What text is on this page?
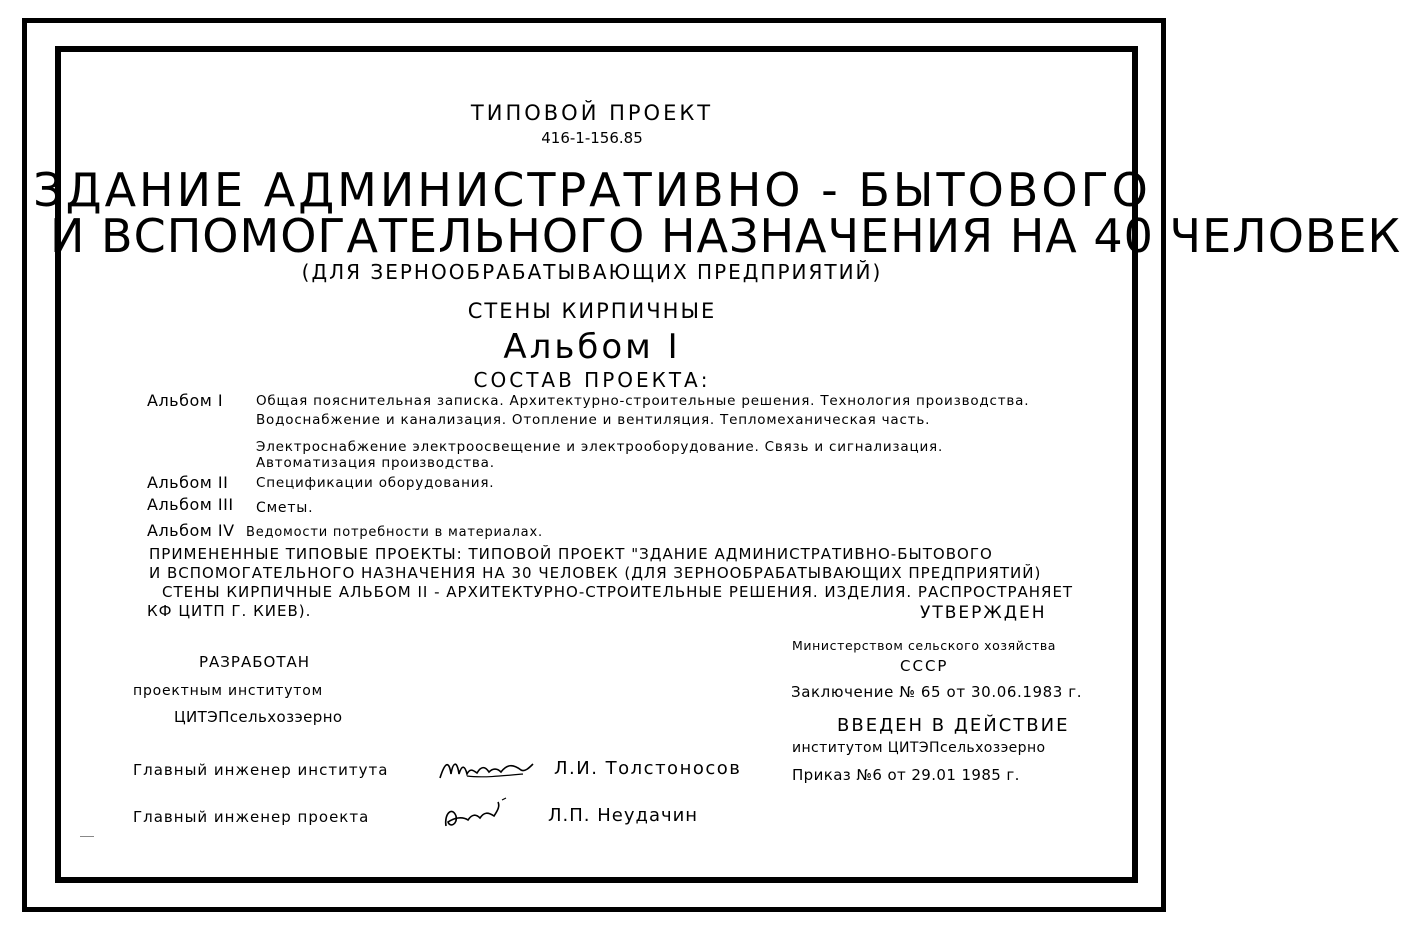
ТИПОВОЙ ПРОЕКТ
416-1-156.85
ЗДАНИЕ АДМИНИСТРАТИВНО - БЫТОВОГО
И ВСПОМОГАТЕЛЬНОГО НАЗНАЧЕНИЯ НА 40 ЧЕЛОВЕК
(ДЛЯ ЗЕРНООБРАБАТЫВАЮЩИХ ПРЕДПРИЯТИЙ)
СТЕНЫ КИРПИЧНЫЕ
Альбом I
СОСТАВ ПРОЕКТА:
Альбом I Общая пояснительная записка. Архитектурно-строительные решения. Технология производства.
Водоснабжение и канализация. Отопление и вентиляция. Тепломеханическая часть.
Электроснабжение электроосвещение и электрооборудование. Связь и сигнализация.
Автоматизация производства.
Альбом II Спецификации оборудования.
Альбом III Сметы.
Альбом IV Ведомости потребности в материалах.
ПРИМЕНЕННЫЕ ТИПОВЫЕ ПРОЕКТЫ: ТИПОВОЙ ПРОЕКТ "ЗДАНИЕ АДМИНИСТРАТИВНО-БЫТОВОГО
И ВСПОМОГАТЕЛЬНОГО НАЗНАЧЕНИЯ НА 30 ЧЕЛОВЕК (ДЛЯ ЗЕРНООБРАБАТЫВАЮЩИХ ПРЕДПРИЯТИЙ)
СТЕНЫ КИРПИЧНЫЕ АЛЬБОМ II - АРХИТЕКТУРНО-СТРОИТЕЛЬНЫЕ РЕШЕНИЯ. ИЗДЕЛИЯ. РАСПРОСТРАНЯЕТ
КФ ЦИТП Г. КИЕВ).	УТВЕРЖДЕН
Министерством сельского хозяйства
СССР
Заключение № 65 от 30.06.1983 г.
ВВЕДЕН В ДЕЙСТВИЕ
институтом ЦИТЭПсельхозэерно
Приказ №6 от 29.01 1985 г.
РАЗРАБОТАН
проектным институтом
ЦИТЭПсельхозэерно
Главный инженер института	Л.И. Толстоносов
Главный инженер проекта	Л.П. Неудачин
